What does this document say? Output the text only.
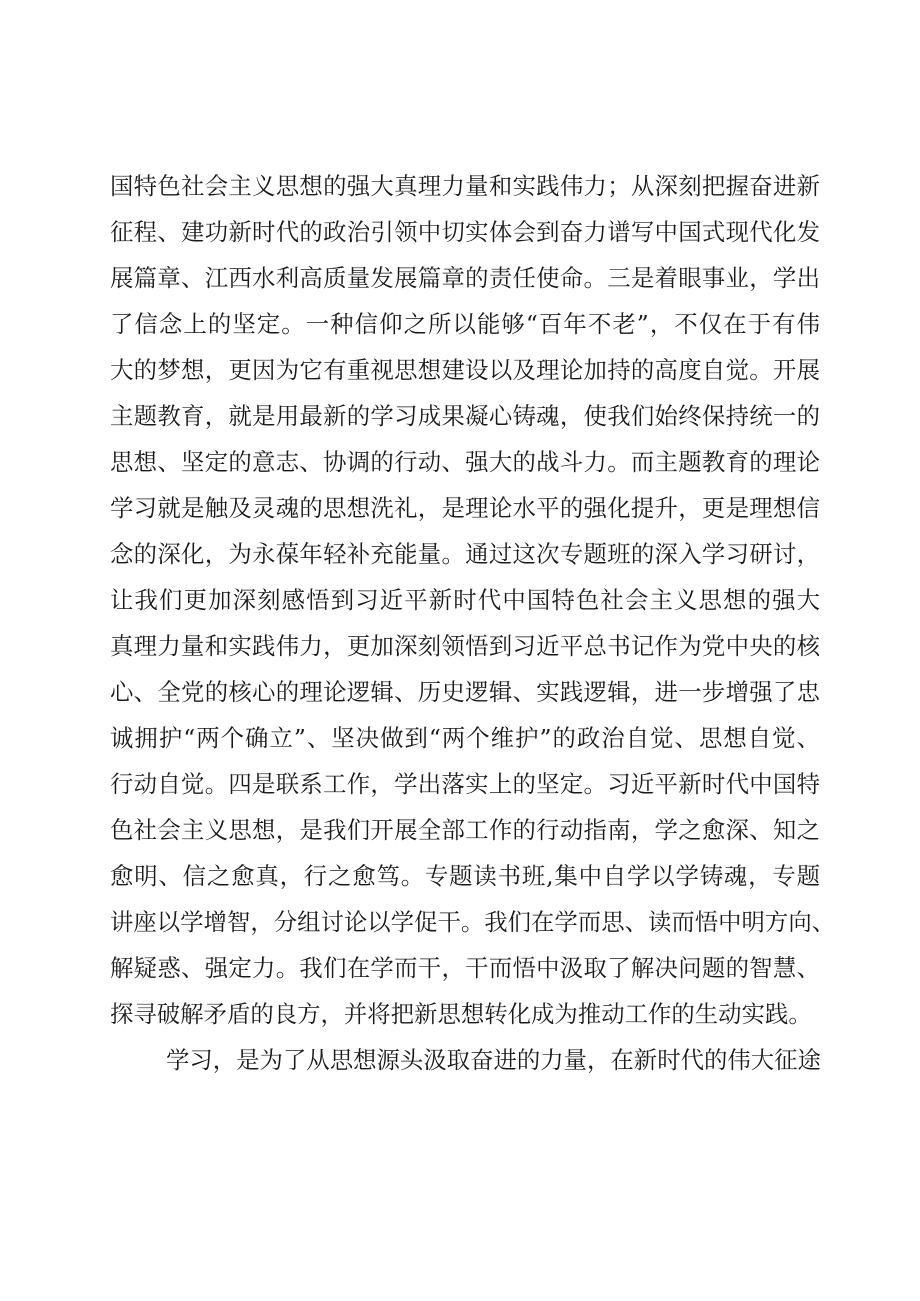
国特色社会主义思想的强大真理力量和实践伟力；从深刻把握奋进新
征程、建功新时代的政治引领中切实体会到奋力谱写中国式现代化发
展篇章、江西水利高质量发展篇章的责任使命。三是着眼事业，学出
了信念上的坚定。一种信仰之所以能够“百年不老”，不仅在于有伟
大的梦想，更因为它有重视思想建设以及理论加持的高度自觉。开展
主题教育，就是用最新的学习成果凝心铸魂，使我们始终保持统一的
思想、坚定的意志、协调的行动、强大的战斗力。而主题教育的理论
学习就是触及灵魂的思想洗礼，是理论水平的强化提升，更是理想信
念的深化，为永葆年轻补充能量。通过这次专题班的深入学习研讨，
让我们更加深刻感悟到习近平新时代中国特色社会主义思想的强大
真理力量和实践伟力，更加深刻领悟到习近平总书记作为党中央的核
心、全党的核心的理论逻辑、历史逻辑、实践逻辑，进一步增强了忠
诚拥护“两个确立”、坚决做到“两个维护”的政治自觉、思想自觉、
行动自觉。四是联系工作，学出落实上的坚定。习近平新时代中国特
色社会主义思想，是我们开展全部工作的行动指南，学之愈深、知之
愈明、信之愈真，行之愈笃。专题读书班,集中自学以学铸魂，专题
讲座以学增智，分组讨论以学促干。我们在学而思、读而悟中明方向、
解疑惑、强定力。我们在学而干，干而悟中汲取了解决问题的智慧、
探寻破解矛盾的良方，并将把新思想转化成为推动工作的生动实践。
学习，是为了从思想源头汲取奋进的力量，在新时代的伟大征途
